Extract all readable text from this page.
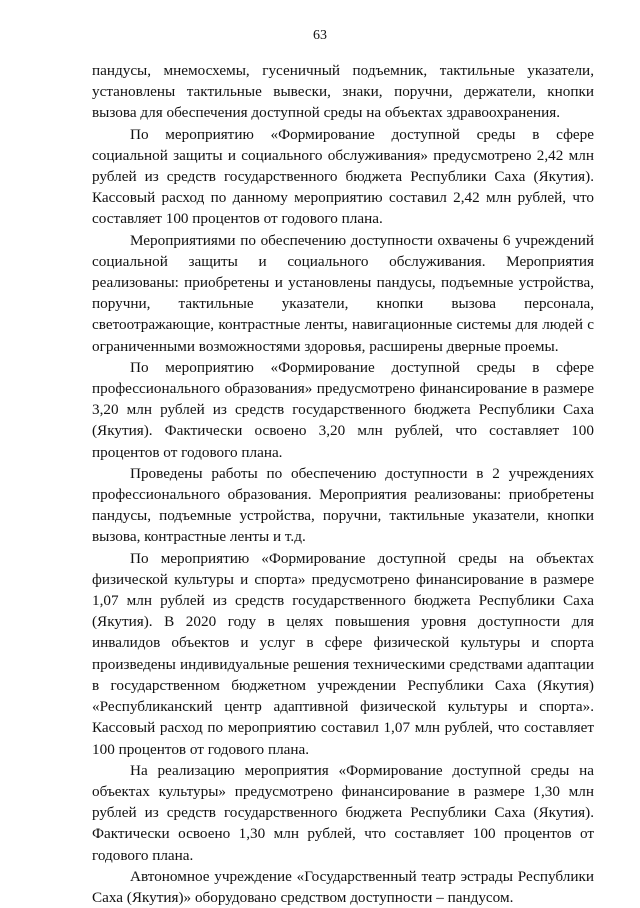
63

пандусы, мнемосхемы, гусеничный подъемник, тактильные указатели, установлены тактильные вывески, знаки, поручни, держатели, кнопки вызова для обеспечения доступной среды на объектах здравоохранения.

По мероприятию «Формирование доступной среды в сфере социальной защиты и социального обслуживания» предусмотрено 2,42 млн рублей из средств государственного бюджета Республики Саха (Якутия). Кассовый расход по данному мероприятию составил 2,42 млн рублей, что составляет 100 процентов от годового плана.

Мероприятиями по обеспечению доступности охвачены 6 учреждений социальной защиты и социального обслуживания. Мероприятия реализованы: приобретены и установлены пандусы, подъемные устройства, поручни, тактильные указатели, кнопки вызова персонала, светоотражающие, контрастные ленты, навигационные системы для людей с ограниченными возможностями здоровья, расширены дверные проемы.

По мероприятию «Формирование доступной среды в сфере профессионального образования» предусмотрено финансирование в размере 3,20 млн рублей из средств государственного бюджета Республики Саха (Якутия). Фактически освоено 3,20 млн рублей, что составляет 100 процентов от годового плана.

Проведены работы по обеспечению доступности в 2 учреждениях профессионального образования. Мероприятия реализованы: приобретены пандусы, подъемные устройства, поручни, тактильные указатели, кнопки вызова, контрастные ленты и т.д.

По мероприятию «Формирование доступной среды на объектах физической культуры и спорта» предусмотрено финансирование в размере 1,07 млн рублей из средств государственного бюджета Республики Саха (Якутия). В 2020 году в целях повышения уровня доступности для инвалидов объектов и услуг в сфере физической культуры и спорта произведены индивидуальные решения техническими средствами адаптации в государственном бюджетном учреждении Республики Саха (Якутия) «Республиканский центр адаптивной физической культуры и спорта». Кассовый расход по мероприятию составил 1,07 млн рублей, что составляет 100 процентов от годового плана.

На реализацию мероприятия «Формирование доступной среды на объектах культуры» предусмотрено финансирование в размере 1,30 млн рублей из средств государственного бюджета Республики Саха (Якутия). Фактически освоено 1,30 млн рублей, что составляет 100 процентов от годового плана.

Автономное учреждение «Государственный театр эстрады Республики Саха (Якутия)» оборудовано средством доступности – пандусом.
